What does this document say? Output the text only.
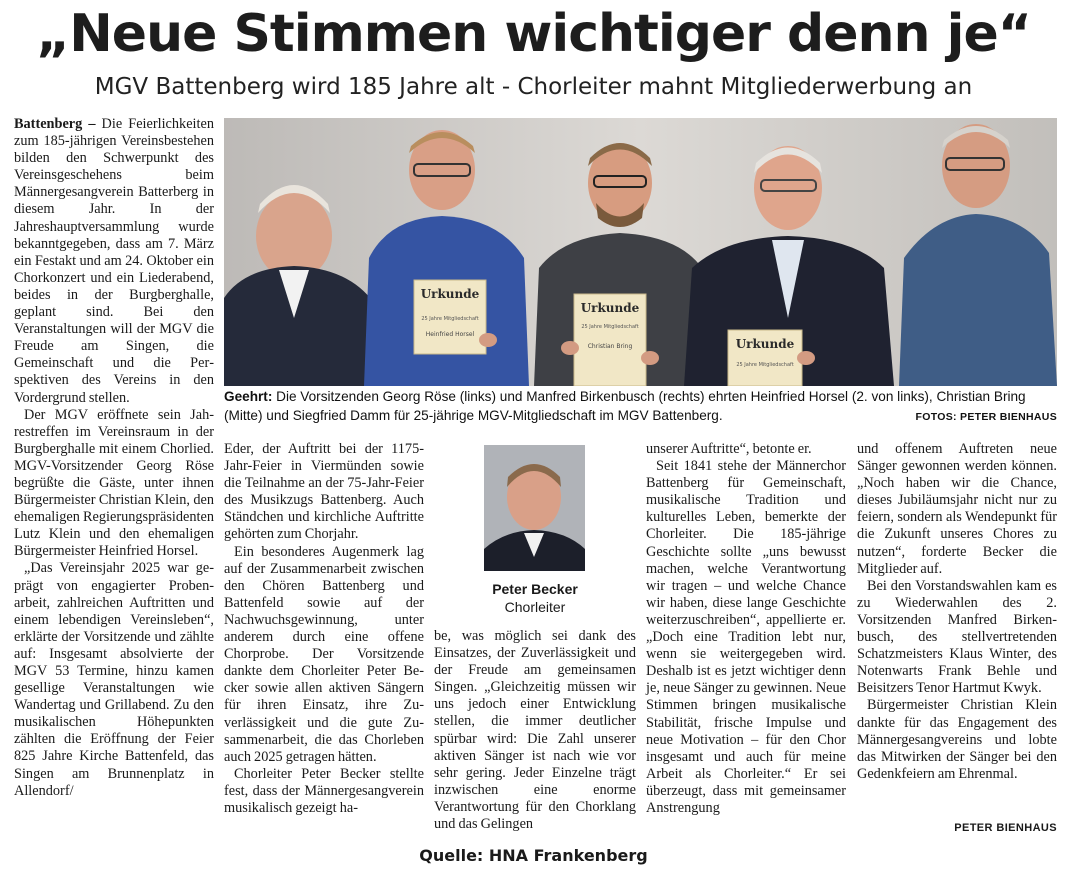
„Neue Stimmen wichtiger denn je“
MGV Battenberg wird 185 Jahre alt - Chorleiter mahnt Mitgliederwerbung an

Battenberg – Die Feierlichkeiten zum 185-jährigen Vereinsbestehen bilden den Schwerpunkt des Vereinsgeschehens beim Männergesangverein Batterberg in diesem Jahr. In der Jahreshauptversammlung wurde bekanntgegeben, dass am 7. März ein Festakt und am 24. Oktober ein Chorkonzert und ein Liederabend, beides in der Burgberghalle, geplant sind. Bei den Veranstaltungen will der MGV die Freude am Singen, die Gemeinschaft und die Perspektiven des Vereins in den Vordergrund stellen.

Der MGV eröffnete sein Jahrestreffen im Vereinsraum in der Burgberghalle mit einem Chorlied. MGV-Vorsitzender Georg Röse begrüßte die Gäste, unter ihnen Bürgermeister Christian Klein, den ehemaligen Regierungspräsidenten Lutz Klein und den ehemaligen Bürgermeister Heinfried Horsel.

„Das Vereinsjahr 2025 war geprägt von engagierter Probenarbeit, zahlreichen Auftritten und einem lebendigen Vereinsleben“, erklärte der Vorsitzende und zählte auf: Insgesamt absolvierte der MGV 53 Termine, hinzu kamen gesellige Veranstaltungen wie Wandertag und Grillabend. Zu den musikalischen Höhepunkten zählten die Eröffnung der Feier 825 Jahre Kirche Battenfeld, das Singen am Brunnenplatz in Allendorf/

Urkunde
25 Jahre Mitgliedschaft
Heinfried Horsel
Urkunde
25 Jahre Mitgliedschaft
Christian Bring	Urkunde
25 Jahre Mitgliedschaft
Geehrt: Die Vorsitzenden Georg Röse (links) und Manfred Birkenbusch (rechts) ehrten Heinfried Horsel (2. von links), Christian Bring (Mitte) und Siegfried Damm für 25-jährige MGV-Mitgliedschaft im MGV Battenberg.	FOTOS: PETER BIENHAUS

Eder, der Auftritt bei der 1175-Jahr-Feier in Viermünden sowie die Teilnahme an der 75-Jahr-Feier des Musikzugs Battenberg. Auch Ständchen und kirchliche Auftritte gehörten zum Chorjahr.

Ein besonderes Augenmerk lag auf der Zusammenarbeit zwischen den Chören Battenberg und Battenfeld sowie auf der Nachwuchsgewinnung, unter anderem durch eine offene Chorprobe. Der Vorsitzende dankte dem Chorleiter Peter Becker sowie allen aktiven Sängern für ihren Einsatz, ihre Zuverlässigkeit und die gute Zusammenarbeit, die das Chorleben auch 2025 getragen hätten.

Chorleiter Peter Becker stellte fest, dass der Männergesangverein musikalisch gezeigt ha-

Peter Becker
Chorleiter

be, was möglich sei dank des Einsatzes, der Zuverlässigkeit und der Freude am gemeinsamen Singen. „Gleichzeitig müssen wir uns jedoch einer Entwicklung stellen, die immer deutlicher spürbar wird: Die Zahl unserer aktiven Sänger ist nach wie vor sehr gering. Jeder Einzelne trägt inzwischen eine enorme Verantwortung für den Chorklang und das Gelingen

unserer Auftritte“, betonte er.

Seit 1841 stehe der Männerchor Battenberg für Gemeinschaft, musikalische Tradition und kulturelles Leben, bemerkte der Chorleiter. Die 185-jährige Geschichte sollte „uns bewusst machen, welche Verantwortung wir tragen – und welche Chance wir haben, diese lange Geschichte weiterzuschreiben“, appellierte er. „Doch eine Tradition lebt nur, wenn sie weitergegeben wird. Deshalb ist es jetzt wichtiger denn je, neue Sänger zu gewinnen. Neue Stimmen bringen musikalische Stabilität, frische Impulse und neue Motivation – für den Chor insgesamt und auch für meine Arbeit als Chorleiter.“ Er sei überzeugt, dass mit gemeinsamer Anstrengung

und offenem Auftreten neue Sänger gewonnen werden können. „Noch haben wir die Chance, dieses Jubiläumsjahr nicht nur zu feiern, sondern als Wendepunkt für die Zukunft unseres Chores zu nutzen“, forderte Becker die Mitglieder auf.

Bei den Vorstandswahlen kam es zu Wiederwahlen des 2. Vorsitzenden Manfred Birkenbusch, des stellvertretenden Schatzmeisters Klaus Winter, des Notenwarts Frank Behle und Beisitzers Tenor Hartmut Kwyk.

Bürgermeister Christian Klein dankte für das Engagement des Männergesangvereins und lobte das Mitwirken der Sänger bei den Gedenkfeiern am Ehrenmal.

PETER BIENHAUS
Quelle: HNA Frankenberg
